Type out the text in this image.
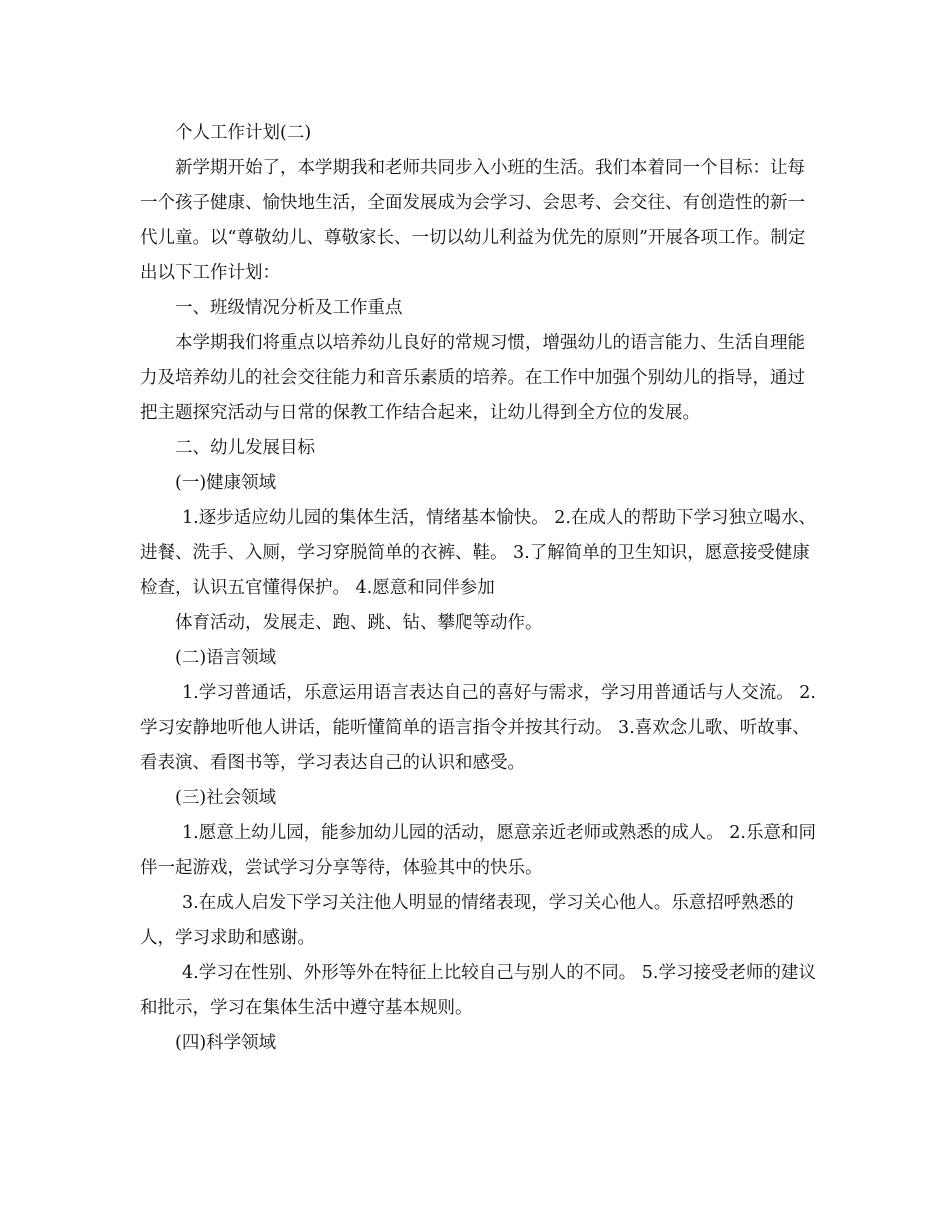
个人工作计划(二)

新学期开始了，本学期我和老师共同步入小班的生活。我们本着同一个目标：让每一个孩子健康、愉快地生活，全面发展成为会学习、会思考、会交往、有创造性的新一代儿童。以“尊敬幼儿、尊敬家长、一切以幼儿利益为优先的原则”开展各项工作。制定出以下工作计划：

一、班级情况分析及工作重点

本学期我们将重点以培养幼儿良好的常规习惯，增强幼儿的语言能力、生活自理能力及培养幼儿的社会交往能力和音乐素质的培养。在工作中加强个别幼儿的指导，通过把主题探究活动与日常的保教工作结合起来，让幼儿得到全方位的发展。

二、幼儿发展目标

(一)健康领域

1.逐步适应幼儿园的集体生活，情绪基本愉快。 2.在成人的帮助下学习独立喝水、进餐、洗手、入厕，学习穿脱简单的衣裤、鞋。 3.了解简单的卫生知识，愿意接受健康检查，认识五官懂得保护。 4.愿意和同伴参加

体育活动，发展走、跑、跳、钻、攀爬等动作。

(二)语言领域

1.学习普通话，乐意运用语言表达自己的喜好与需求，学习用普通话与人交流。 2.学习安静地听他人讲话，能听懂简单的语言指令并按其行动。 3.喜欢念儿歌、听故事、看表演、看图书等，学习表达自己的认识和感受。

(三)社会领域

1.愿意上幼儿园，能参加幼儿园的活动，愿意亲近老师或熟悉的成人。 2.乐意和同伴一起游戏，尝试学习分享等待，体验其中的快乐。

3.在成人启发下学习关注他人明显的情绪表现，学习关心他人。乐意招呼熟悉的人，学习求助和感谢。

4.学习在性别、外形等外在特征上比较自己与别人的不同。 5.学习接受老师的建议和批示，学习在集体生活中遵守基本规则。

(四)科学领域
